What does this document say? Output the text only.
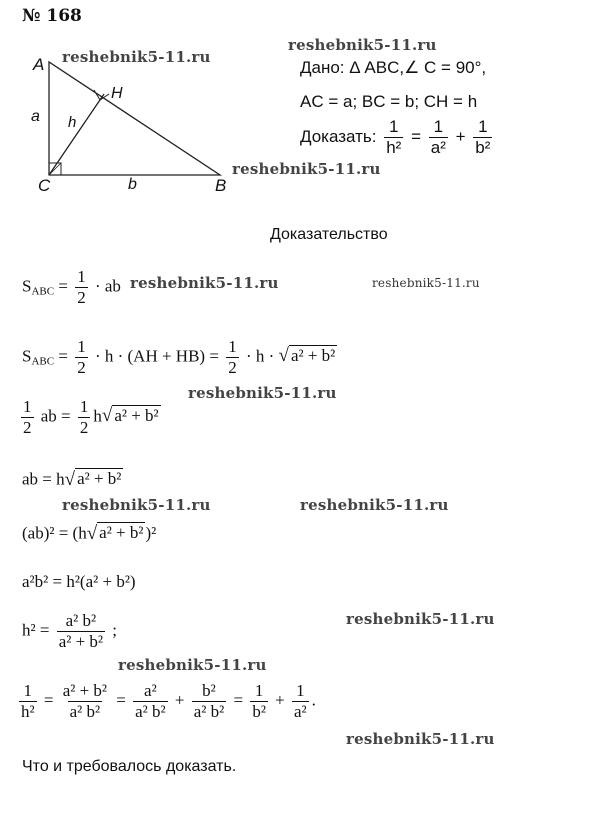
№ 168
A
H
C	B
a h
b
Дано: Δ ABC,∠ C = 90°,
AC = a; BC = b; CH = h
Доказать: $\frac{1}{\text{h²}} = \frac{1}{\text{a²}} + \frac{1}{\text{b²}}$
Доказательство
$S_{ABC} = \frac{1}{2}$ · ab
$S_{ABC} = \frac{1}{2} \cdot h \cdot (AH + HB) = \frac{1}{2} \cdot h$ · √ a² + b²
$\frac{1}{2}$ ab = $\frac{1}{2}$ h √ a² + b²
ab = h √ a² + b²
(ab)² = (h √ a² + b² )²
a²b² = h²(a² + b²)
$h^2 = \frac{\text{a² b²}}{\text{a² + b²}}$ ;
$\frac{1}{\text{h²}} = \frac{\text{a² + b²}}{\text{a² b²}} = \frac{\text{a²}}{\text{a² b²}} + \frac{\text{b²}}{\text{a² b²}} = \frac{1}{\text{b²}} + \frac{1}{\text{a²}}$ .
Что и требовалось доказать.
reshebnik5-11.ru
reshebnik5-11.ru
reshebnik5-11.ru
reshebnik5-11.ru	reshebnik5-11.ru
reshebnik5-11.ru
reshebnik5-11.ru	reshebnik5-11.ru
reshebnik5-11.ru
reshebnik5-11.ru
reshebnik5-11.ru
